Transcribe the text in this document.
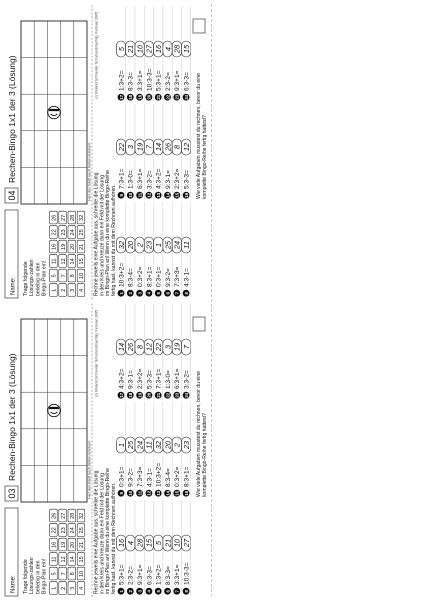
Name:
04
Rechen-Bingo 1x1 der 3 (Lösung)
Trage folgendeLösungs-zahlenbeliebig in denBingo-Plan ein! 1
5
11
16
22
26
2
7
12
19
23
27
3
8
14
20
24
28
4
10
15
21
25
32
Hier das Blatt nach hinten knicken!
(c) Roland Schneider Schulrundmachtig, Februar 2005
Rechne jeweils eine Aufgabe aus, schreibe die Lösungin den Kreis und kreuze dann ein Feld mit der Lösungim Bingo-Plan an! Wenn du eine komplette Bingo-Reihefertig hast, kannst du mit dem Rechnen aufhören. 1
10:3+2=
32
2
8:3-4=
20
3
0:3+2=
2
4
8:3+1=
23
5
0:3+1=
1
6
9:3-2=
25
7
7:3+3=
24
8
4:3-1=
11
9
7:3+1=
22
10
1:3-0=
3
11
6:3+1=
19
12
3:3-2=
7
13
4:3+2=
14
14
9:3-1=
26
15
2:3+2=
8
16
5:3-3=
12
17
1:3+2=
5
18
8:3-3=
21
19
3:3+1=
10
20
10:3-3=
27
21
5:3+1=
16
22
2:3-2=
4
23
9:3+1=
28
24
6:3-3=
15
Wie viele Aufgaben musstest du rechnen, bevor du einekomplette Bingo-Reihe fertig hattest?
Name:
03
Rechen-Bingo 1x1 der 3 (Lösung)
Trage folgendeLösungs-zahlenbeliebig in denBingo-Plan ein! 1
5
11
16
22
26
2
7
12
19
23
27
3
8
14
20
24
28
4
10
15
21
25
32
Hier das Blatt nach hinten knicken!
(c) Roland Schneider Schulrundmachtig, Februar 2005
Rechne jeweils eine Aufgabe aus, schreibe die Lösungin den Kreis und kreuze dann ein Feld mit der Lösungim Bingo-Plan an! Wenn du eine komplette Bingo-Reihefertig hast, kannst du mit dem Rechnen aufhören. 1
5:3+1=
16
2
2:3-2=
4
3
9:3+1=
28
4
6:3-3=
15
5
1:3+2=
5
6
8:3-3=
21
7
3:3+1=
10
8
10:3-3=
27
9
0:3+1=
1
10
9:3-2=
25
11
7:3+3=
24
12
4:3-1=
11
13
10:3+2=
32
14
8:3-4=
20
15
0:3+2=
2
16
8:3+1=
23
17
4:3+2=
14
18
9:3-1=
26
19
2:3+2=
8
20
5:3-3=
12
21
7:3+1=
22
22
1:3-0=
3
23
6:3+1=
19
24
3:3-2=
7
Wie viele Aufgaben musstest du rechnen, bevor du einekomplette Bingo-Reihe fertig hattest?
